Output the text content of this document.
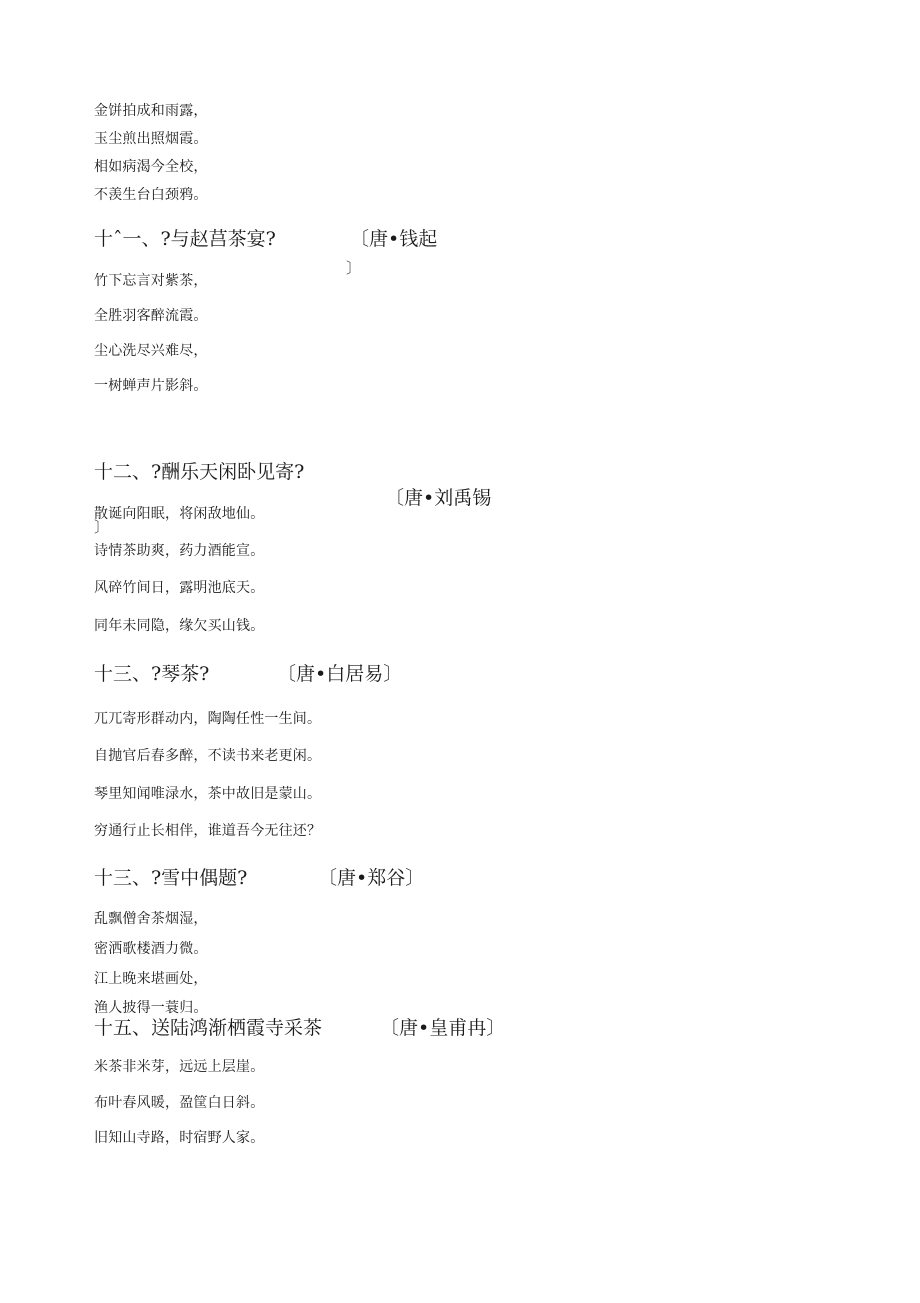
金饼拍成和雨露，
玉尘煎出照烟霞。
相如病渴今全校，
不羡生台白颈鸦。
十ˆ一、?与赵莒茶宴?	〔唐•钱起
〕
竹下忘言对紫茶，
全胜羽客醉流霞。
尘心洗尽兴难尽，
一树蝉声片影斜。
十二、?酬乐天闲卧见寄?
〔唐•刘禹锡
散诞向阳眠，将闲敌地仙。
〕
诗情茶助爽，药力酒能宣。
风碎竹间日，露明池底天。
同年未同隐，缘欠买山钱。
十三、?琴茶?	〔唐•白居易〕
兀兀寄形群动内，陶陶任性一生间。
自抛官后春多醉，不读书来老更闲。
琴里知闻唯渌水，茶中故旧是蒙山。
穷通行止长相伴，谁道吾今无往还？
十三、?雪中偶题?	〔唐•郑谷〕
乱飘僧舍茶烟湿，
密洒歌楼酒力微。
江上晚来堪画处，
渔人披得一蓑归。
十五、送陆鸿渐栖霞寺采茶	〔唐•皇甫冉〕
米茶非米芽，远远上层崖。
布叶春风暖，盈筐白日斜。
旧知山寺路，时宿野人家。
